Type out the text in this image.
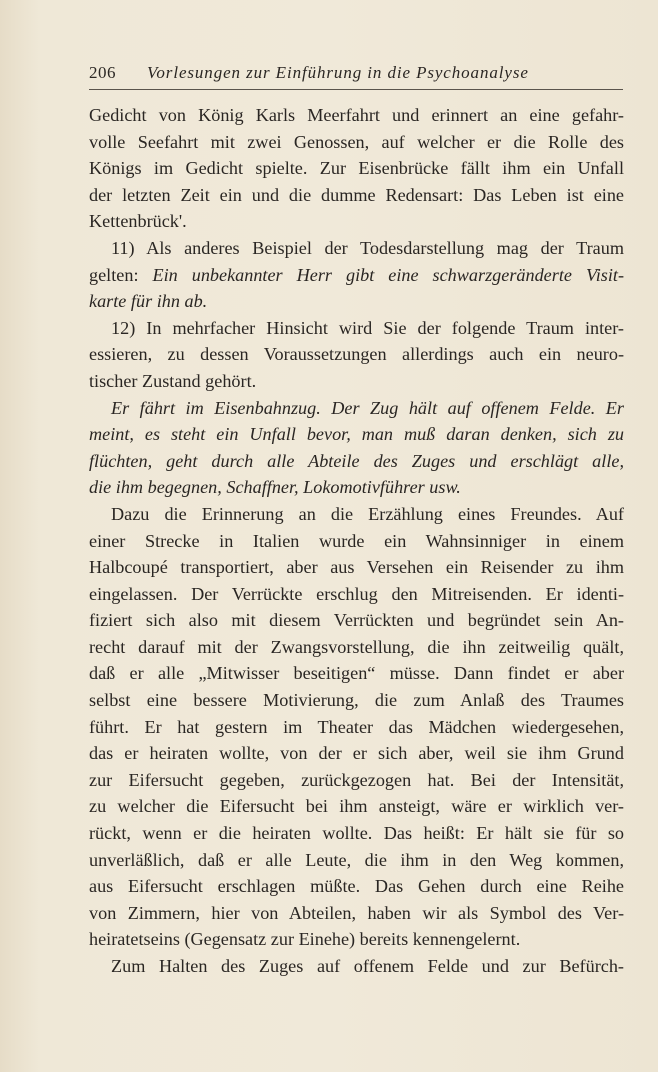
206 Vorlesungen zur Einführung in die Psychoanalyse
Gedicht von König Karls Meerfahrt und erinnert an eine gefahr-
volle Seefahrt mit zwei Genossen, auf welcher er die Rolle des
Königs im Gedicht spielte. Zur Eisenbrücke fällt ihm ein Unfall
der letzten Zeit ein und die dumme Redensart: Das Leben ist eine
Kettenbrück'.
11) Als anderes Beispiel der Todesdarstellung mag der Traum
gelten: Ein unbekannter Herr gibt eine schwarzgeränderte Visit-
karte für ihn ab.
12) In mehrfacher Hinsicht wird Sie der folgende Traum inter-
essieren, zu dessen Voraussetzungen allerdings auch ein neuro-
tischer Zustand gehört.
Er fährt im Eisenbahnzug. Der Zug hält auf offenem Felde. Er
meint, es steht ein Unfall bevor, man muß daran denken, sich zu
flüchten, geht durch alle Abteile des Zuges und erschlägt alle,
die ihm begegnen, Schaffner, Lokomotivführer usw.
Dazu die Erinnerung an die Erzählung eines Freundes. Auf
einer Strecke in Italien wurde ein Wahnsinniger in einem
Halbcoupé transportiert, aber aus Versehen ein Reisender zu ihm
eingelassen. Der Verrückte erschlug den Mitreisenden. Er identi-
fiziert sich also mit diesem Verrückten und begründet sein An-
recht darauf mit der Zwangsvorstellung, die ihn zeitweilig quält,
daß er alle „Mitwisser beseitigen“ müsse. Dann findet er aber
selbst eine bessere Motivierung, die zum Anlaß des Traumes
führt. Er hat gestern im Theater das Mädchen wiedergesehen,
das er heiraten wollte, von der er sich aber, weil sie ihm Grund
zur Eifersucht gegeben, zurückgezogen hat. Bei der Intensität,
zu welcher die Eifersucht bei ihm ansteigt, wäre er wirklich ver-
rückt, wenn er die heiraten wollte. Das heißt: Er hält sie für so
unverläßlich, daß er alle Leute, die ihm in den Weg kommen,
aus Eifersucht erschlagen müßte. Das Gehen durch eine Reihe
von Zimmern, hier von Abteilen, haben wir als Symbol des Ver-
heiratetseins (Gegensatz zur Einehe) bereits kennengelernt.
Zum Halten des Zuges auf offenem Felde und zur Befürch-
